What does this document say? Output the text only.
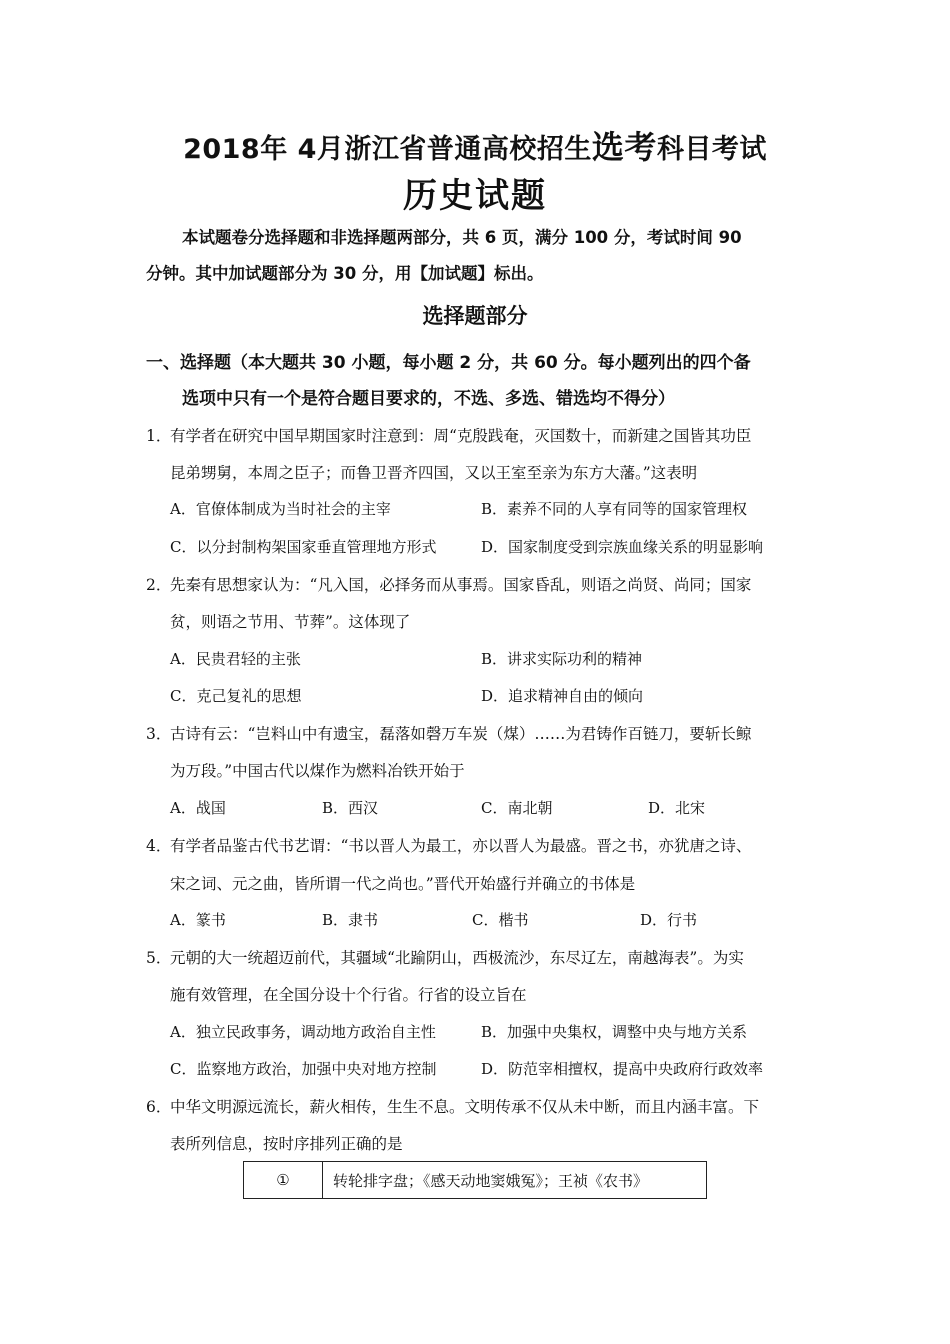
2018年 4月浙江省普通高校招生选考科目考试
历史试题
本试题卷分选择题和非选择题两部分，共 6 页，满分 100 分，考试时间 90
分钟。其中加试题部分为 30 分，用【加试题】标出。
选择题部分
一、选择题（本大题共 30 小题，每小题 2 分，共 60 分。每小题列出的四个备
选项中只有一个是符合题目要求的，不选、多选、错选均不得分）
1．
有学者在研究中国早期国家时注意到：周“克殷践奄，灭国数十，而新建之国皆其功臣
昆弟甥舅，本周之臣子；而鲁卫晋齐四国，又以王室至亲为东方大藩。”这表明
A．官僚体制成为当时社会的主宰	B．素养不同的人享有同等的国家管理权
C．以分封制构架国家垂直管理地方形式	D．国家制度受到宗族血缘关系的明显影响
2．
先秦有思想家认为：“凡入国，必择务而从事焉。国家昏乱，则语之尚贤、尚同；国家
贫，则语之节用、节葬”。这体现了
A．民贵君轻的主张	B．讲求实际功利的精神
C．克己复礼的思想	D．追求精神自由的倾向
3．
古诗有云：“岂料山中有遗宝，磊落如磬万车炭（煤）……为君铸作百链刀，要斩长鲸
为万段。”中国古代以煤作为燃料冶铁开始于
A．战国	B．西汉	C．南北朝	D．北宋
4．
有学者品鉴古代书艺谓：“书以晋人为最工，亦以晋人为最盛。晋之书，亦犹唐之诗、
宋之词、元之曲，皆所谓一代之尚也。”晋代开始盛行并确立的书体是
A．篆书	B．隶书	C．楷书	D．行书
5．
元朝的大一统超迈前代，其疆域“北踰阴山，西极流沙，东尽辽左，南越海表”。为实
施有效管理，在全国分设十个行省。行省的设立旨在
A．独立民政事务，调动地方政治自主性	B．加强中央集权，调整中央与地方关系
C．监察地方政治，加强中央对地方控制	D．防范宰相擅权，提高中央政府行政效率
6．
中华文明源远流长，薪火相传，生生不息。文明传承不仅从未中断，而且内涵丰富。下
表所列信息，按时序排列正确的是
①	转轮排字盘；《感天动地窦娥冤》；王祯《农书》
